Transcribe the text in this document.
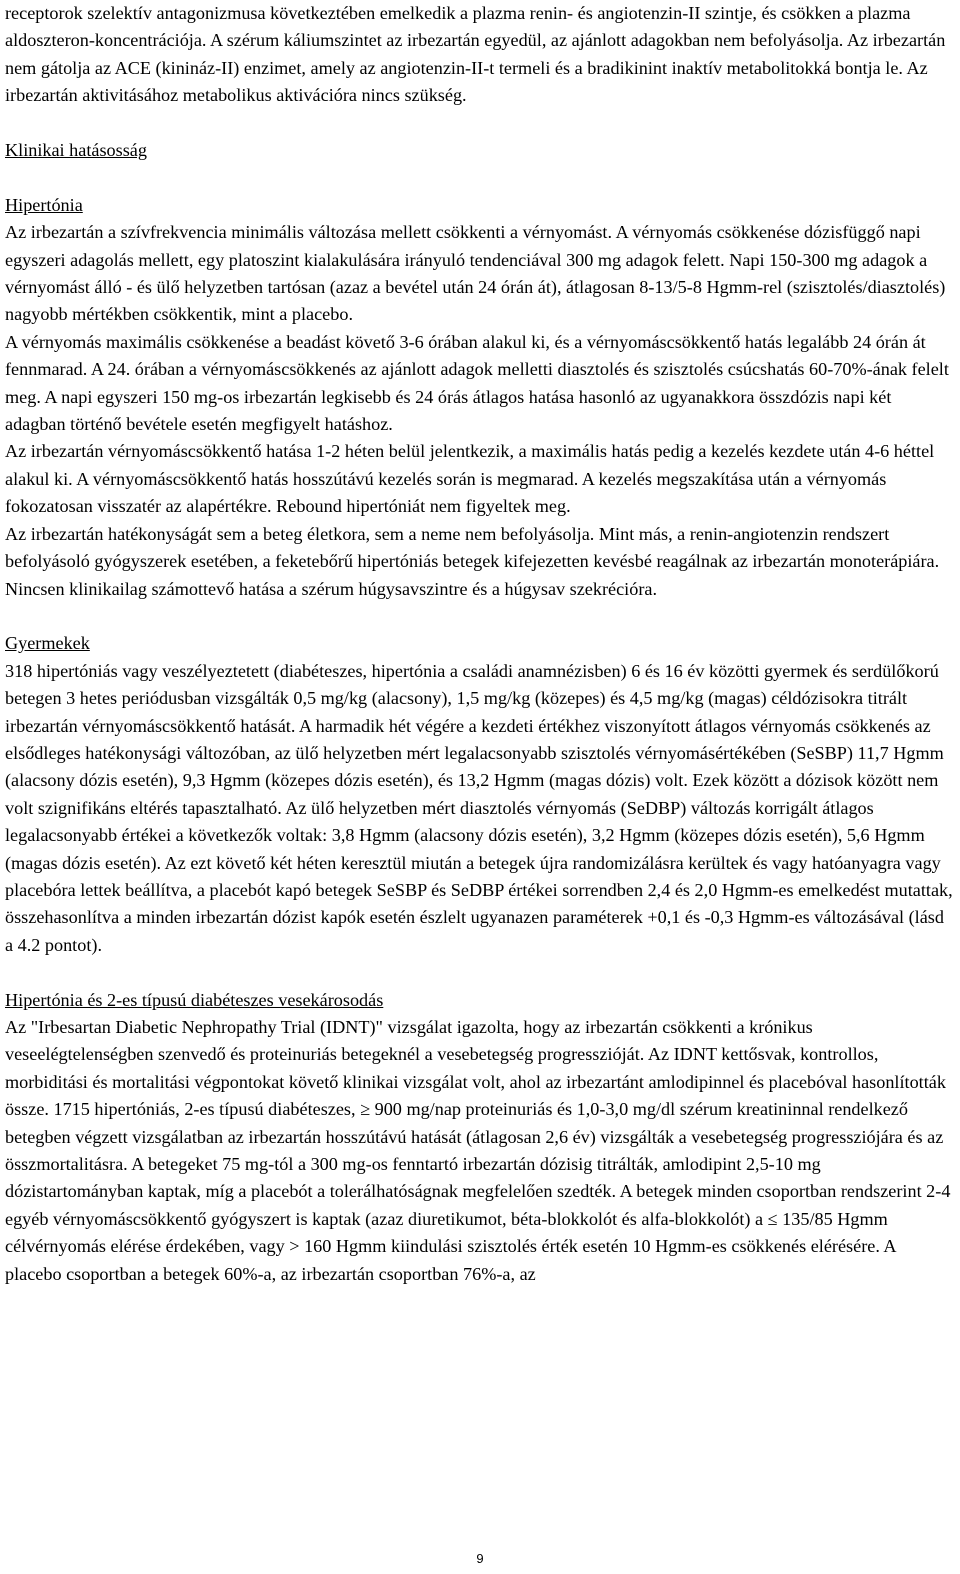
receptorok szelektív antagonizmusa következtében emelkedik a plazma renin- és angiotenzin-II szintje, és csökken a plazma aldoszteron-koncentrációja. A szérum káliumszintet az irbezartán egyedül, az ajánlott adagokban nem befolyásolja. Az irbezartán nem gátolja az ACE (kinináz-II) enzimet, amely az angiotenzin-II-t termeli és a bradikinint inaktív metabolitokká bontja le. Az irbezartán aktivitásához metabolikus aktivációra nincs szükség.

Klinikai hatásosság

Hipertónia

Az irbezartán a szívfrekvencia minimális változása mellett csökkenti a vérnyomást. A vérnyomás csökkenése dózisfüggő napi egyszeri adagolás mellett, egy platoszint kialakulására irányuló tendenciával 300 mg adagok felett. Napi 150-300 mg adagok a vérnyomást álló - és ülő helyzetben tartósan (azaz a bevétel után 24 órán át), átlagosan 8-13/5-8 Hgmm-rel (szisztolés/diasztolés) nagyobb mértékben csökkentik, mint a placebo.

A vérnyomás maximális csökkenése a beadást követő 3-6 órában alakul ki, és a vérnyomáscsökkentő hatás legalább 24 órán át fennmarad. A 24. órában a vérnyomáscsökkenés az ajánlott adagok melletti diasztolés és szisztolés csúcshatás 60-70%-ának felelt meg. A napi egyszeri 150 mg-os irbezartán legkisebb és 24 órás átlagos hatása hasonló az ugyanakkora összdózis napi két adagban történő bevétele esetén megfigyelt hatáshoz.

Az irbezartán vérnyomáscsökkentő hatása 1-2 héten belül jelentkezik, a maximális hatás pedig a kezelés kezdete után 4-6 héttel alakul ki. A vérnyomáscsökkentő hatás hosszútávú kezelés során is megmarad. A kezelés megszakítása után a vérnyomás fokozatosan visszatér az alapértékre. Rebound hipertóniát nem figyeltek meg.

Az irbezartán hatékonyságát sem a beteg életkora, sem a neme nem befolyásolja. Mint más, a renin-angiotenzin rendszert befolyásoló gyógyszerek esetében, a feketebőrű hipertóniás betegek kifejezetten kevésbé reagálnak az irbezartán monoterápiára. Nincsen klinikailag számottevő hatása a szérum húgysavszintre és a húgysav szekrécióra.

Gyermekek

318 hipertóniás vagy veszélyeztetett (diabéteszes, hipertónia a családi anamnézisben) 6 és 16 év közötti gyermek és serdülőkorú betegen 3 hetes periódusban vizsgálták 0,5 mg/kg (alacsony), 1,5 mg/kg (közepes) és 4,5 mg/kg (magas) céldózisokra titrált irbezartán vérnyomáscsökkentő hatását. A harmadik hét végére a kezdeti értékhez viszonyított átlagos vérnyomás csökkenés az elsődleges hatékonysági változóban, az ülő helyzetben mért legalacsonyabb szisztolés vérnyomásértékében (SeSBP) 11,7 Hgmm (alacsony dózis esetén), 9,3 Hgmm (közepes dózis esetén), és 13,2 Hgmm (magas dózis) volt. Ezek között a dózisok között nem volt szignifikáns eltérés tapasztalható. Az ülő helyzetben mért diasztolés vérnyomás (SeDBP) változás korrigált átlagos legalacsonyabb értékei a következők voltak: 3,8 Hgmm (alacsony dózis esetén), 3,2 Hgmm (közepes dózis esetén), 5,6 Hgmm (magas dózis esetén). Az ezt követő két héten keresztül miután a betegek újra randomizálásra kerültek és vagy hatóanyagra vagy placebóra lettek beállítva, a placebót kapó betegek SeSBP és SeDBP értékei sorrendben 2,4 és 2,0 Hgmm-es emelkedést mutattak, összehasonlítva a minden irbezartán dózist kapók esetén észlelt ugyanazen paraméterek +0,1 és -0,3 Hgmm-es változásával (lásd a 4.2 pontot).

Hipertónia és 2-es típusú diabéteszes vesekárosodás

Az "Irbesartan Diabetic Nephropathy Trial (IDNT)" vizsgálat igazolta, hogy az irbezartán csökkenti a krónikus veseelégtelenségben szenvedő és proteinuriás betegeknél a vesebetegség progresszióját. Az IDNT kettősvak, kontrollos, morbiditási és mortalitási végpontokat követő klinikai vizsgálat volt, ahol az irbezartánt amlodipinnel és placebóval hasonlították össze. 1715 hipertóniás, 2-es típusú diabéteszes, ≥ 900 mg/nap proteinuriás és 1,0-3,0 mg/dl szérum kreatininnal rendelkező betegben végzett vizsgálatban az irbezartán hosszútávú hatását (átlagosan 2,6 év) vizsgálták a vesebetegség progressziójára és az összmortalitásra. A betegeket 75 mg-tól a 300 mg-os fenntartó irbezartán dózisig titrálták, amlodipint 2,5-10 mg dózistartományban kaptak, míg a placebót a tolerálhatóságnak megfelelően szedték. A betegek minden csoportban rendszerint 2-4 egyéb vérnyomáscsökkentő gyógyszert is kaptak (azaz diuretikumot, béta-blokkolót és alfa-blokkolót) a ≤ 135/85 Hgmm célvérnyomás elérése érdekében, vagy > 160 Hgmm kiindulási szisztolés érték esetén 10 Hgmm-es csökkenés elérésére. A placebo csoportban a betegek 60%-a, az irbezartán csoportban 76%-a, az

9
